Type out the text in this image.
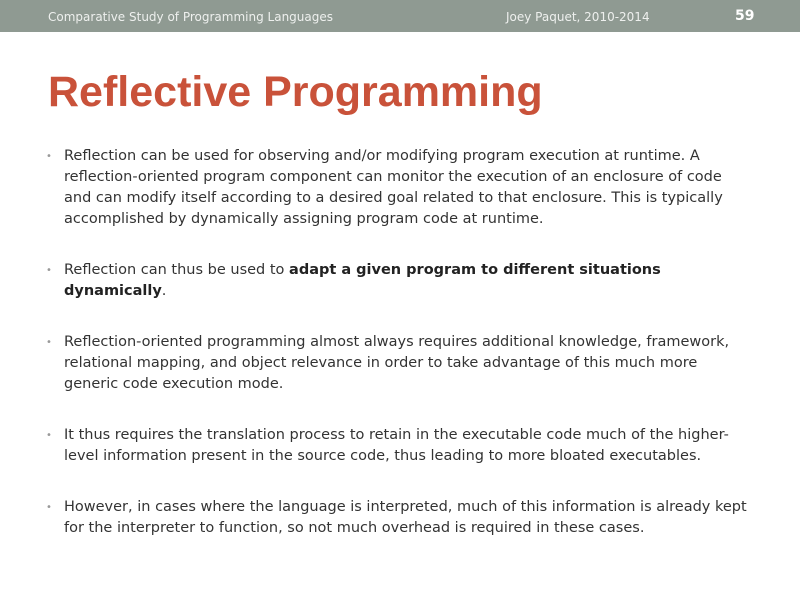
Comparative Study of Programming Languages	Joey Paquet, 2010-2014	59
Reflective Programming
• Reflection can be used for observing and/or modifying program execution at runtime. A reflection-oriented program component can monitor the execution of an enclosure of code and can modify itself according to a desired goal related to that enclosure. This is typically accomplished by dynamically assigning program code at runtime.
• Reflection can thus be used to adapt a given program to different situations dynamically.
• Reflection-oriented programming almost always requires additional knowledge, framework, relational mapping, and object relevance in order to take advantage of this much more generic code execution mode.
• It thus requires the translation process to retain in the executable code much of the higher-level information present in the source code, thus leading to more bloated executables.
• However, in cases where the language is interpreted, much of this information is already kept for the interpreter to function, so not much overhead is required in these cases.
